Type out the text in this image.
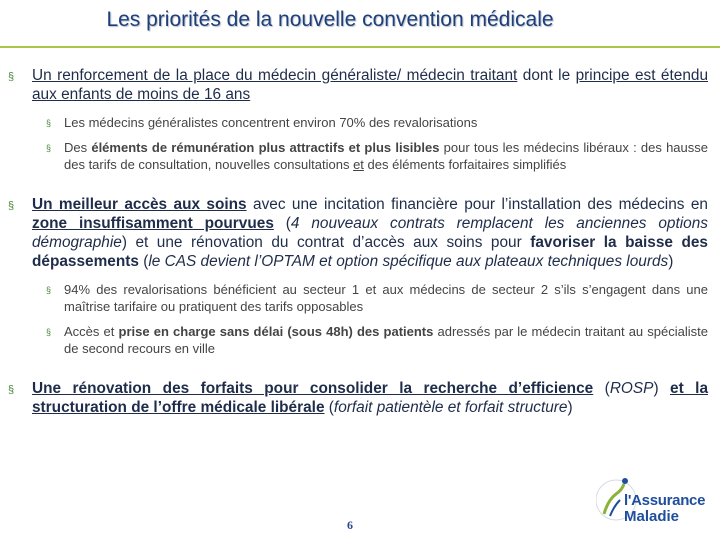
Les priorités de la nouvelle convention médicale
§ Un renforcement de la place du médecin généraliste/ médecin traitant dont le principe est étendu aux enfants de moins de 16 ans
§ Les médecins généralistes concentrent environ 70% des revalorisations
§ Des éléments de rémunération plus attractifs et plus lisibles pour tous les médecins libéraux : des hausse des tarifs de consultation, nouvelles consultations et des éléments forfaitaires simplifiés
§ Un meilleur accès aux soins avec une incitation financière pour l’installation des médecins en zone insuffisamment pourvues (4 nouveaux contrats remplacent les anciennes options démographie) et une rénovation du contrat d’accès aux soins pour favoriser la baisse des dépassements (le CAS devient l’OPTAM et option spécifique aux plateaux techniques lourds)
§ 94% des revalorisations bénéficient au secteur 1 et aux médecins de secteur 2 s’ils s’engagent dans une maîtrise tarifaire ou pratiquent des tarifs opposables
§ Accès et prise en charge sans délai (sous 48h) des patients adressés par le médecin traitant au spécialiste de second recours en ville
§ Une rénovation des forfaits pour consolider la recherche d’efficience (ROSP) et la structuration de l’offre médicale libérale (forfait patientèle et forfait structure)
6
l'Assurance
Maladie
